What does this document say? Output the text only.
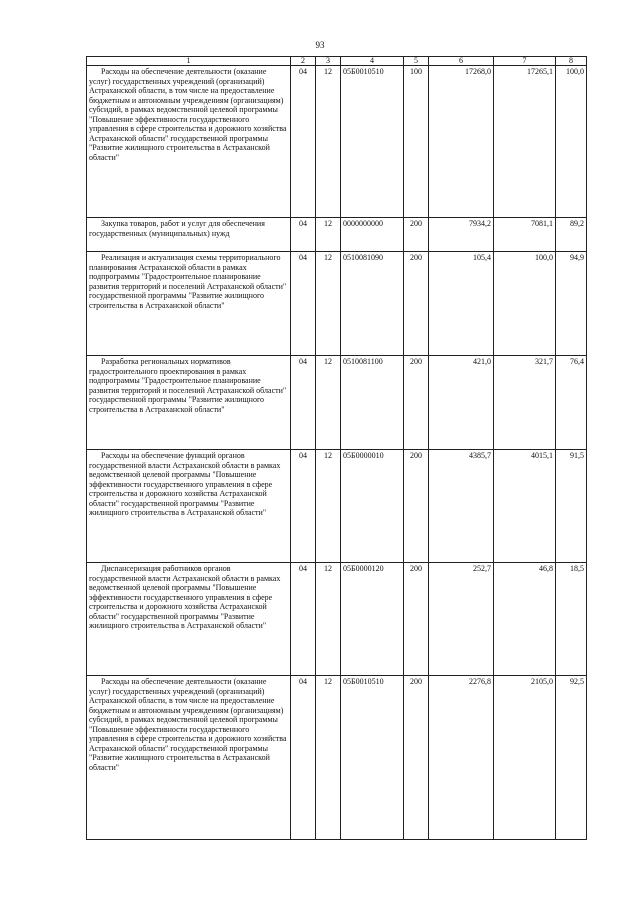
93
1	2	3	4	5	6	7	8

Расходы на обеспечение деятельности (оказание услуг) государственных учреждений (организаций) Астраханской области, в том числе на предоставление бюджетным и автономным учреждениям (организациям) субсидий, в рамках ведомственной целевой программы "Повышение эффективности государственного управления в сфере строительства и дорожного хозяйства Астраханской области" государственной программы "Развитие жилищного строительства в Астраханской области"	04	12	05Б0010510	100	17268,0	17265,1	100,0

Закупка товаров, работ и услуг для обеспечения государственных (муниципальных) нужд	04	12	0000000000	200	7934,2	7081,1	89,2

Реализация и актуализация схемы территориального планирования Астраханской области в рамках подпрограммы "Градостроительное планирование развития территорий и поселений Астраханской области" государственной программы "Развитие жилищного строительства в Астраханской области"	04	12	0510081090	200	105,4	100,0	94,9

Разработка региональных нормативов градостроительного проектирования в рамках подпрограммы "Градостроительное планирование развития территорий и поселений Астраханской области" государственной программы "Развитие жилищного строительства в Астраханской области"	04	12	0510081100	200	421,0	321,7	76,4

Расходы на обеспечение функций органов государственной власти Астраханской области в рамках ведомственной целевой программы "Повышение эффективности государственного управления в сфере строительства и дорожного хозяйства Астраханской области" государственной программы "Развитие жилищного строительства в Астраханской области"	04	12	05Б0000010	200	4385,7	4015,1	91,5

Диспансеризация работников органов государственной власти Астраханской области в рамках ведомственной целевой программы "Повышение эффективности государственного управления в сфере строительства и дорожного хозяйства Астраханской области" государственной программы "Развитие жилищного строительства в Астраханской области"	04	12	05Б0000120	200	252,7	46,8	18,5

Расходы на обеспечение деятельности (оказание услуг) государственных учреждений (организаций) Астраханской области, в том числе на предоставление бюджетным и автономным учреждениям (организациям) субсидий, в рамках ведомственной целевой программы "Повышение эффективности государственного управления в сфере строительства и дорожного хозяйства Астраханской области" государственной программы "Развитие жилищного строительства в Астраханской области"	04	12	05Б0010510	200	2276,8	2105,0	92,5
